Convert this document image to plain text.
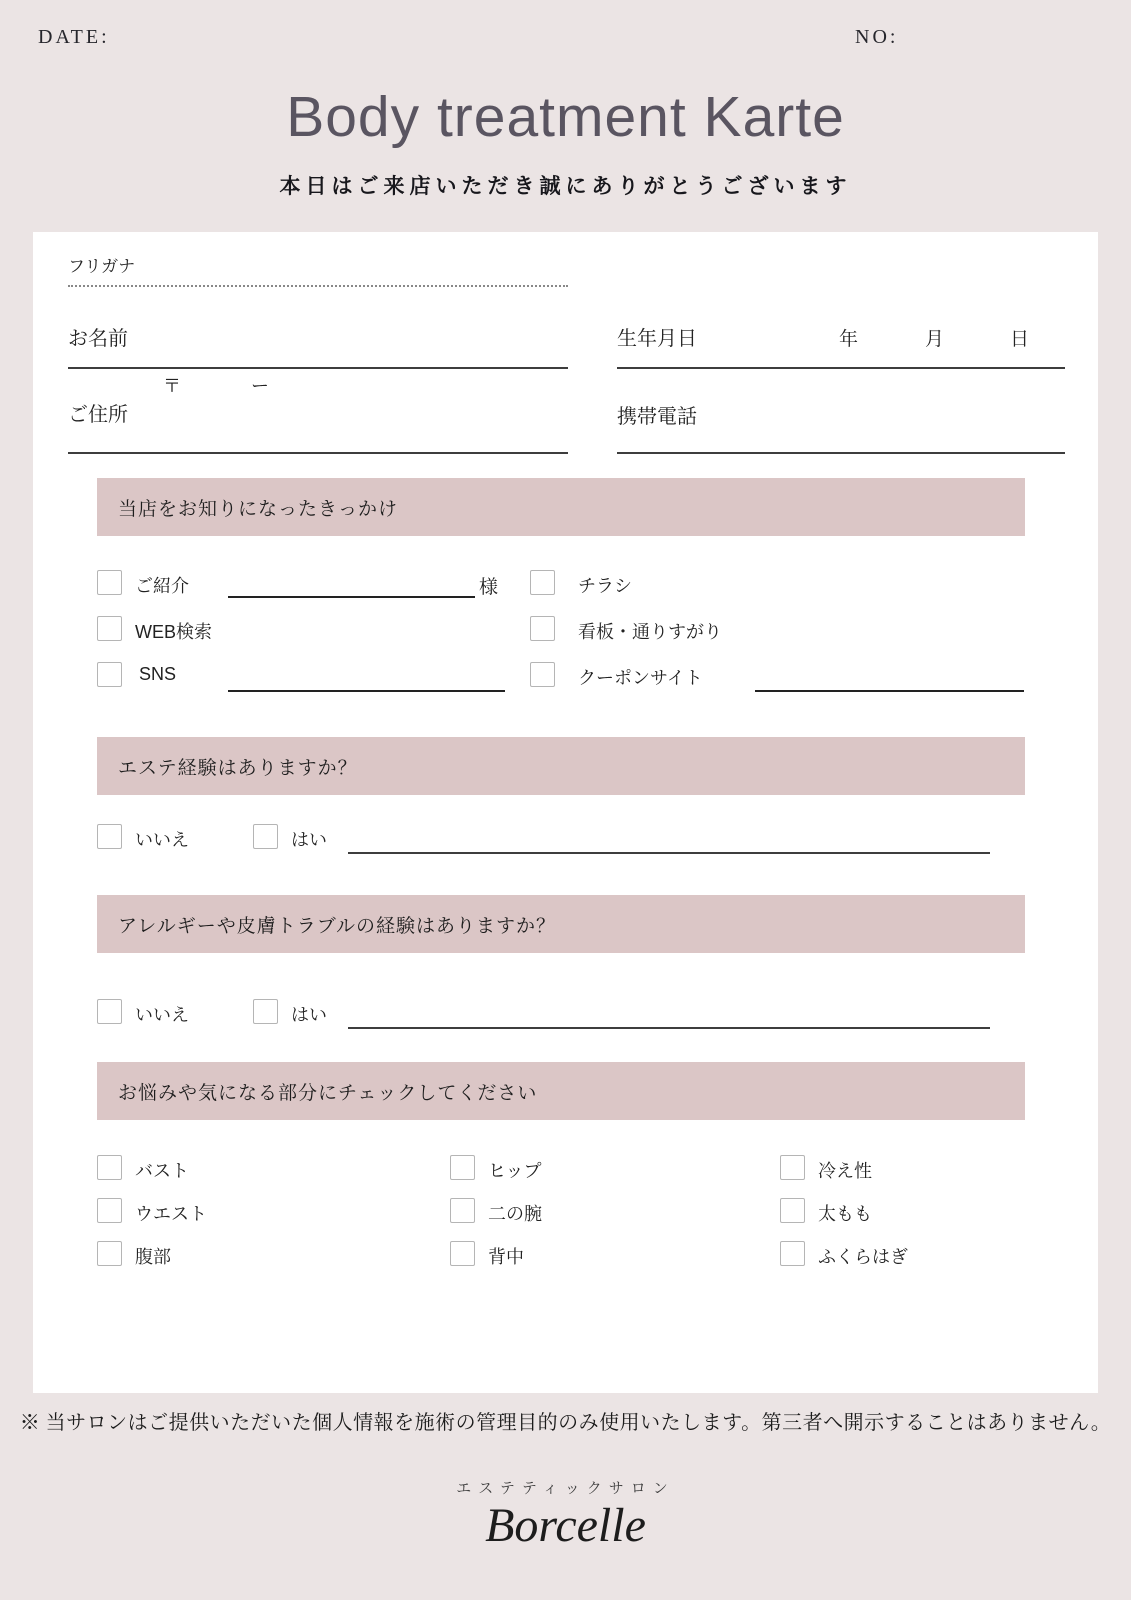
DATE:	NO:
Body treatment Karte
本日はご来店いただき誠にありがとうございます
フリガナ
お名前	生年月日	年	月	日
〒	ー
ご住所	携帯電話
当店をお知りになったきっかけ
ご紹介	様	チラシ
WEB検索	看板・通りすがり
SNS	クーポンサイト
エステ経験はありますか？
いいえ	はい
アレルギーや皮膚トラブルの経験はありますか？
いいえ	はい
お悩みや気になる部分にチェックしてください
バスト	ヒップ	冷え性
ウエスト	二の腕	太もも
腹部	背中	ふくらはぎ
※ 当サロンはご提供いただいた個人情報を施術の管理目的のみ使用いたします。第三者へ開示することはありません。
エステティックサロン
Borcelle
